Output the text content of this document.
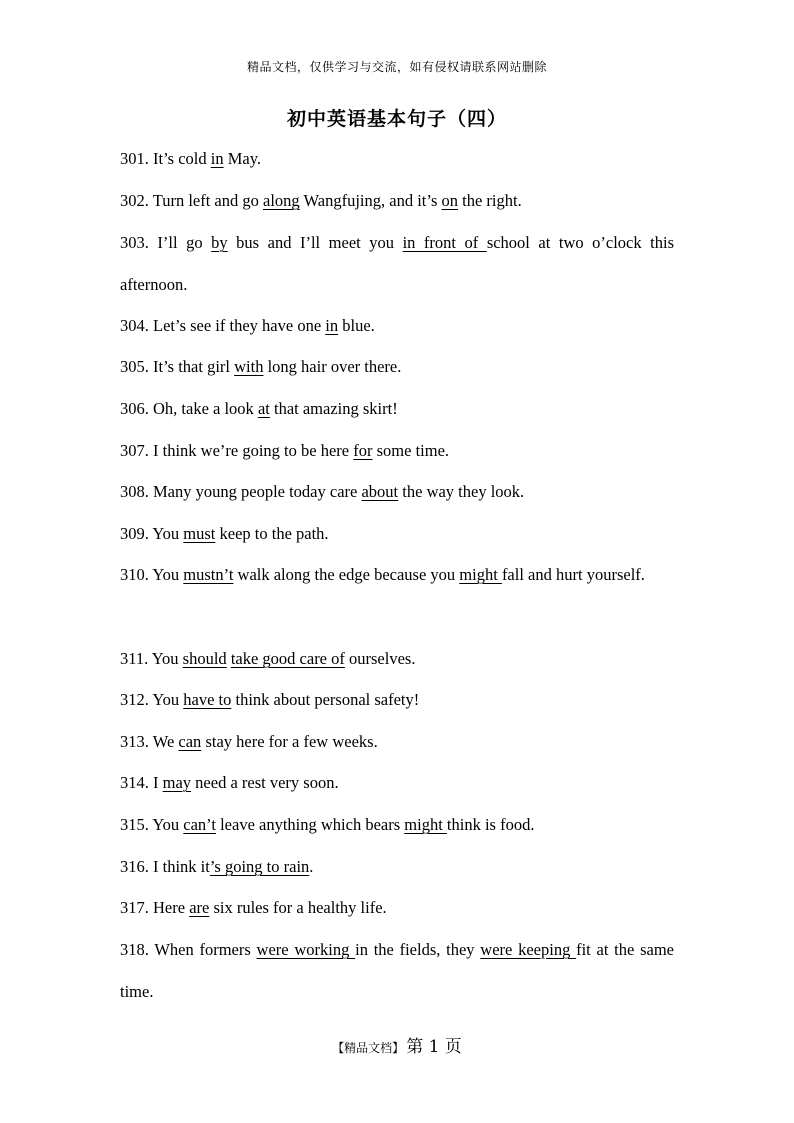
精品文档，仅供学习与交流，如有侵权请联系网站删除
初中英语基本句子（四）
301. It’s cold in May.
302. Turn left and go along Wangfujing, and it’s on the right.
303. I’ll go by bus and I’ll meet you in front of school at two o’clock this afternoon.
304. Let’s see if they have one in blue.
305. It’s that girl with long hair over there.
306. Oh, take a look at that amazing skirt!
307. I think we’re going to be here for some time.
308. Many young people today care about the way they look.
309. You must keep to the path.
310. You mustn’t walk along the edge because you might fall and hurt yourself.
311. You should take good care of ourselves.
312. You have to think about personal safety!
313. We can stay here for a few weeks.
314. I may need a rest very soon.
315. You can’t leave anything which bears might think is food.
316. I think it’s going to rain.
317. Here are six rules for a healthy life.
318. When formers were working in the fields, they were keeping fit at the same time.
【精品文档】 第 1 页
